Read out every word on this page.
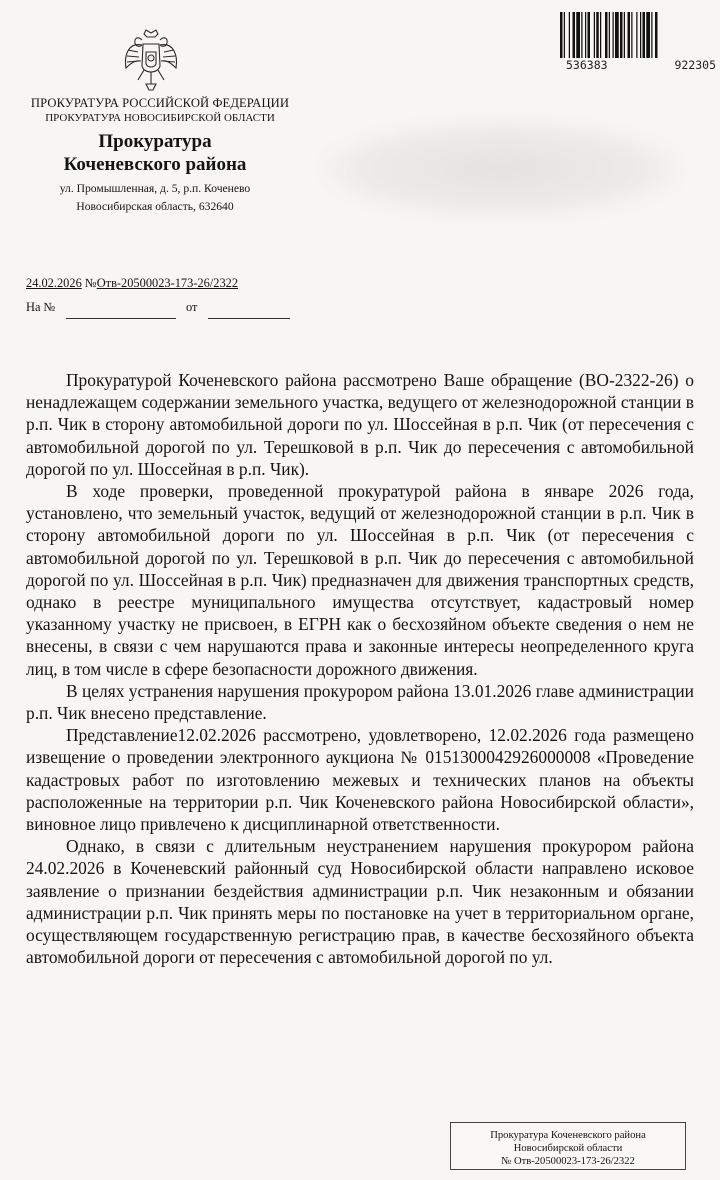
536383	922305
ПРОКУРАТУРА РОССИЙСКОЙ ФЕДЕРАЦИИ
ПРОКУРАТУРА НОВОСИБИРСКОЙ ОБЛАСТИ
Прокуратура
Коченевского района
ул. Промышленная, д. 5, р.п. Коченево
Новосибирская область, 632640
24.02.2026 №Отв-20500023-173-26/2322
На №	от

Прокуратурой Коченевского района рассмотрено Ваше обращение (ВО-2322-26) о ненадлежащем содержании земельного участка, ведущего от железнодорожной станции в р.п. Чик в сторону автомобильной дороги по ул. Шоссейная в р.п. Чик (от пересечения с автомобильной дорогой по ул. Терешковой в р.п. Чик до пересечения с автомобильной дорогой по ул. Шоссейная в р.п. Чик).

В ходе проверки, проведенной прокуратурой района в январе 2026 года, установлено, что земельный участок, ведущий от железнодорожной станции в р.п. Чик в сторону автомобильной дороги по ул. Шоссейная в р.п. Чик (от пересечения с автомобильной дорогой по ул. Терешковой в р.п. Чик до пересечения с автомобильной дорогой по ул. Шоссейная в р.п. Чик) предназначен для движения транспортных средств, однако в реестре муниципального имущества отсутствует, кадастровый номер указанному участку не присвоен, в ЕГРН как о бесхозяйном объекте сведения о нем не внесены, в связи с чем нарушаются права и законные интересы неопределенного круга лиц, в том числе в сфере безопасности дорожного движения.

В целях устранения нарушения прокурором района 13.01.2026 главе администрации р.п. Чик внесено представление.

Представление12.02.2026 рассмотрено, удовлетворено, 12.02.2026 года размещено извещение о проведении электронного аукциона № 0151300042926000008 «Проведение кадастровых работ по изготовлению межевых и технических планов на объекты расположенные на территории р.п. Чик Коченевского района Новосибирской области», виновное лицо привлечено к дисциплинарной ответственности.

Однако, в связи с длительным неустранением нарушения прокурором района 24.02.2026 в Коченевский районный суд Новосибирской области направлено исковое заявление о признании бездействия администрации р.п. Чик незаконным и обязании администрации р.п. Чик принять меры по постановке на учет в территориальном органе, осуществляющем государственную регистрацию прав, в качестве бесхозяйного объекта автомобильной дороги от пересечения с автомобильной дорогой по ул.

Прокуратура Коченевского района
Новосибирской области
№ Отв-20500023-173-26/2322
